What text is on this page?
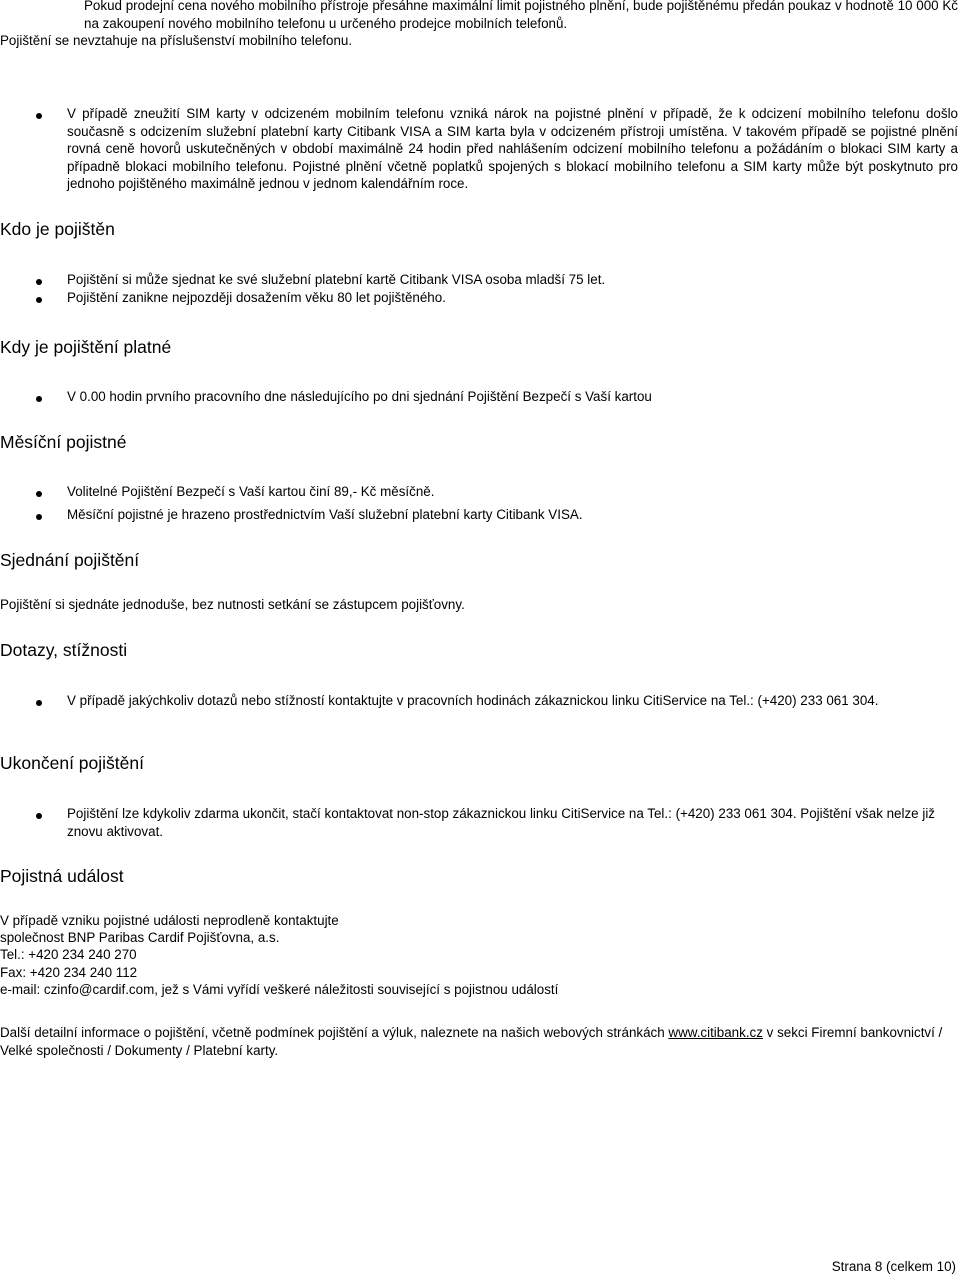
Pokud prodejní cena nového mobilního přístroje přesáhne maximální limit pojistného plnění, bude pojištěnému předán poukaz v hodnotě 10 000 Kč na zakoupení nového mobilního telefonu u určeného prodejce mobilních telefonů.
Pojištění se nevztahuje na příslušenství mobilního telefonu.
V případě zneužití SIM karty v odcizeném mobilním telefonu vzniká nárok na pojistné plnění v případě, že k odcizení mobilního telefonu došlo současně s odcizením služební platební karty Citibank VISA a SIM karta byla v odcizeném přístroji umístěna. V takovém případě se pojistné plnění rovná ceně hovorů uskutečněných v období maximálně 24 hodin před nahlášením odcizení mobilního telefonu a požádáním o blokaci SIM karty a případně blokaci mobilního telefonu. Pojistné plnění včetně poplatků spojených s blokací mobilního telefonu a SIM karty může být poskytnuto pro jednoho pojištěného maximálně jednou v jednom kalendářním roce.
Kdo je pojištěn
Pojištění si může sjednat ke své služební platební kartě Citibank VISA osoba mladší 75 let.
Pojištění zanikne nejpozději dosažením věku 80 let pojištěného.
Kdy je pojištění platné
V 0.00 hodin prvního pracovního dne následujícího po dni sjednání Pojištění Bezpečí s Vaší kartou
Měsíční pojistné
Volitelné Pojištění Bezpečí s Vaší kartou činí 89,- Kč měsíčně.
Měsíční pojistné je hrazeno prostřednictvím Vaší služební platební karty Citibank VISA.
Sjednání pojištění
Pojištění si sjednáte jednoduše, bez nutnosti setkání se zástupcem pojišťovny.
Dotazy, stížnosti
V případě jakýchkoliv dotazů nebo stížností kontaktujte v pracovních hodinách zákaznickou linku CitiService na Tel.: (+420) 233 061 304.
Ukončení pojištění
Pojištění lze kdykoliv zdarma ukončit, stačí kontaktovat non-stop zákaznickou linku CitiService na Tel.: (+420) 233 061 304. Pojištění však nelze již znovu aktivovat.
Pojistná událost
V případě vzniku pojistné události neprodleně kontaktujte
společnost BNP Paribas Cardif Pojišťovna, a.s.
Tel.: +420 234 240 270
Fax: +420 234 240 112
e-mail: czinfo@cardif.com, jež s Vámi vyřídí veškeré náležitosti související s pojistnou událostí
Další detailní informace o pojištění, včetně podmínek pojištění a výluk, naleznete na našich webových stránkách www.citibank.cz v sekci Firemní bankovnictví / Velké společnosti / Dokumenty / Platební karty.
Strana 8 (celkem 10)
